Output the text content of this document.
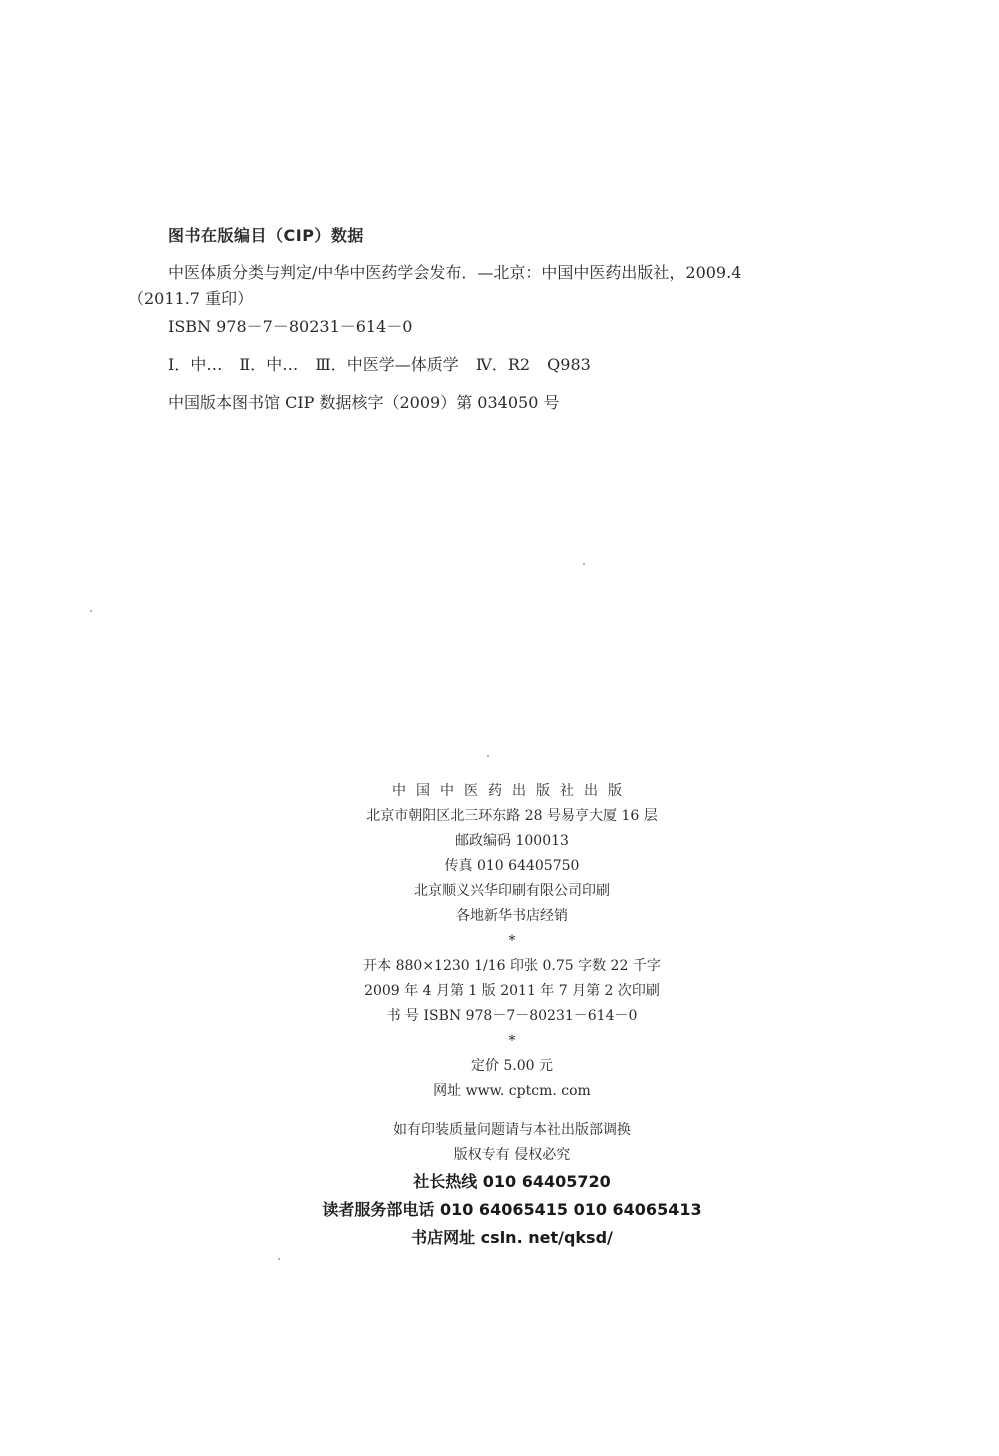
图书在版编目（CIP）数据
中医体质分类与判定/中华中医药学会发布．—北京：中国中医药出版社，2009.4
（2011.7 重印）
ISBN 978－7－80231－614－0
Ⅰ．中… Ⅱ．中… Ⅲ．中医学—体质学 Ⅳ．R2 Q983
中国版本图书馆 CIP 数据核字（2009）第 034050 号
中国中医药出版社出版
北京市朝阳区北三环东路 28 号易亨大厦 16 层
邮政编码 100013
传真 010 64405750
北京顺义兴华印刷有限公司印刷
各地新华书店经销
*
开本 880×1230 1/16 印张 0.75 字数 22 千字
2009 年 4 月第 1 版 2011 年 7 月第 2 次印刷
书 号 ISBN 978－7－80231－614－0
*
定价 5.00 元
网址 www. cptcm. com
如有印装质量问题请与本社出版部调换
版权专有 侵权必究
社长热线 010 64405720
读者服务部电话 010 64065415 010 64065413
书店网址 csln. net/qksd/
